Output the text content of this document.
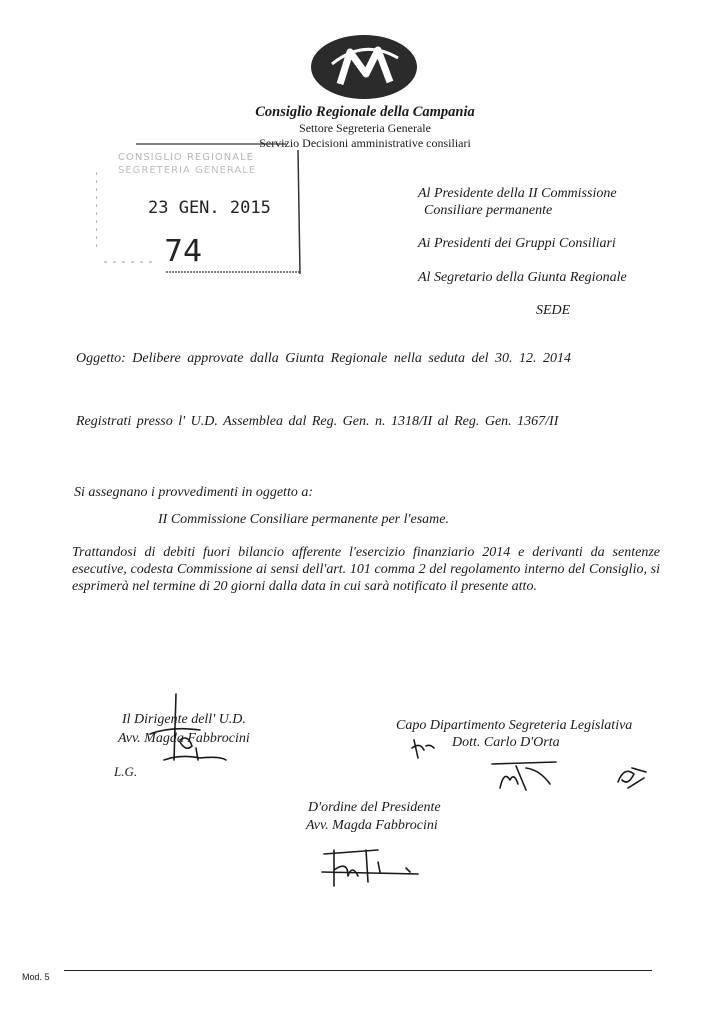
Consiglio Regionale della Campania
Settore Segreteria Generale
Servizio Decisioni amministrative consiliari
CONSIGLIO REGIONALE
SEGRETERIA GENERALE
23 GEN. 2015
74
Al Presidente della II Commissione
Consiliare permanente
Ai Presidenti dei Gruppi Consiliari
Al Segretario della Giunta Regionale
SEDE
Oggetto: Delibere approvate dalla Giunta Regionale nella seduta del 30. 12. 2014
Registrati presso l' U.D. Assemblea dal Reg. Gen. n. 1318/II al Reg. Gen. 1367/II
Si assegnano i provvedimenti in oggetto a:
II Commissione Consiliare permanente per l'esame.
Trattandosi di debiti fuori bilancio afferente l'esercizio finanziario 2014 e derivanti da sentenze esecutive, codesta Commissione ai sensi dell'art. 101 comma 2 del regolamento interno del Consiglio, si esprimerà nel termine di 20 giorni dalla data in cui sarà notificato il presente atto.
Il Dirigente dell' U.D.
Avv. Magda Fabbrocini
L.G.
Capo Dipartimento Segreteria Legislativa
Dott. Carlo D'Orta
D'ordine del Presidente
Avv. Magda Fabbrocini
Mod. 5
